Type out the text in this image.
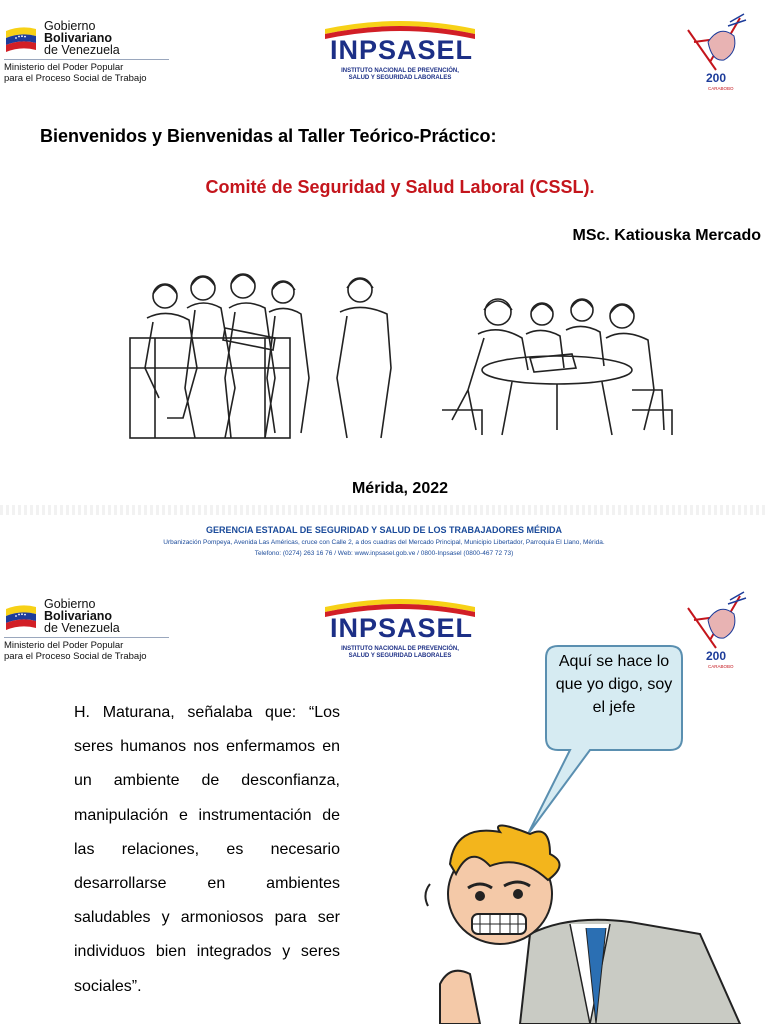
Gobierno
Bolivariano
de Venezuela
Ministerio del Poder Popular
para el Proceso Social de Trabajo
INPSASEL
INSTITUTO NACIONAL DE PREVENCIÓN,
SALUD Y SEGURIDAD LABORALES	200
CARABOBO
Bienvenidos y Bienvenidas al Taller Teórico-Práctico:
Comité de Seguridad y Salud Laboral (CSSL).
MSc. Katiouska Mercado
Mérida, 2022
GERENCIA ESTADAL DE SEGURIDAD Y SALUD DE LOS TRABAJADORES MÉRIDA
Urbanización Pompeya, Avenida Las Américas, cruce con Calle 2, a dos cuadras del Mercado Principal, Municipio Libertador, Parroquia El Llano, Mérida.
Telefono: (0274) 263 16 76 / Web: www.inpsasel.gob.ve / 0800-Inpsasel (0800-467 72 73)
Gobierno
Bolivariano
de Venezuela
Ministerio del Poder Popular
para el Proceso Social de Trabajo
INPSASEL
INSTITUTO NACIONAL DE PREVENCIÓN,
SALUD Y SEGURIDAD LABORALES	200
CARABOBO
H. Maturana, señalaba que: “Los seres humanos nos enfermamos en un ambiente de desconfianza, manipulación e instrumentación de las relaciones, es necesario desarrollarse en ambientes saludables y armoniosos para ser individuos bien integrados y seres sociales”.
Aquí se hace lo que yo digo, soy el jefe
